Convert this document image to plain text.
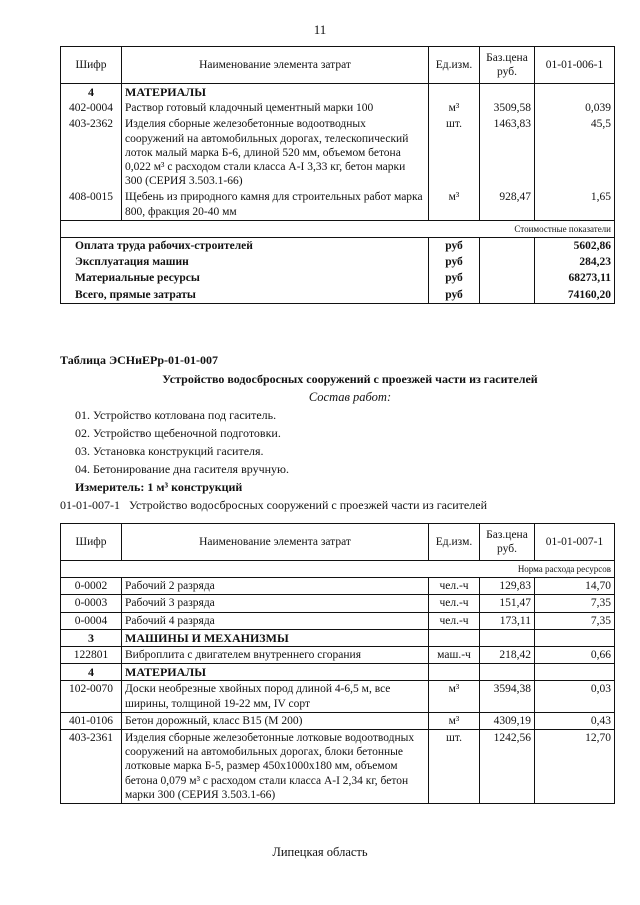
11
Шифр	Наименование элемента затрат	Ед.изм.	Баз.цена руб.	01-01-006-1
4	МАТЕРИАЛЫ			
402-0004	Раствор готовый кладочный цементный марки 100	м³	3509,58	0,039
403-2362	Изделия сборные железобетонные водоотводных сооружений на автомобильных дорогах, телескопический лоток малый марка Б-6, длиной 520 мм, объемом бетона 0,022 м³ с расходом стали класса А-I 3,33 кг, бетон марки 300 (СЕРИЯ 3.503.1-66)	шт.	1463,83	45,5
408-0015	Щебень из природного камня для строительных работ марка 800, фракция 20-40 мм	м³	928,47	1,65
			Стоимостные показатели	
Оплата труда рабочих-строителей		руб		5602,86
Эксплуатация машин		руб		284,23
Материальные ресурсы		руб		68273,11
Всего, прямые затраты		руб		74160,20
Таблица ЭСНиЕРр-01-01-007
Устройство водосбросных сооружений с проезжей части из гасителей
Состав работ:
01. Устройство котлована под гаситель.
02. Устройство щебеночной подготовки.
03. Установка конструкций гасителя.
04. Бетонирование дна гасителя вручную.
Измеритель: 1 м³ конструкций
01-01-007-1   Устройство водосбросных сооружений с проезжей части из гасителей
Шифр	Наименование элемента затрат	Ед.изм.	Баз.цена руб.	01-01-007-1
			Норма расхода ресурсов	
0-0002	Рабочий 2 разряда	чел.-ч	129,83	14,70
0-0003	Рабочий 3 разряда	чел.-ч	151,47	7,35
0-0004	Рабочий 4 разряда	чел.-ч	173,11	7,35
3	МАШИНЫ И МЕХАНИЗМЫ			
122801	Виброплита с двигателем внутреннего сгорания	маш.-ч	218,42	0,66
4	МАТЕРИАЛЫ			
102-0070	Доски необрезные хвойных пород длиной 4-6,5 м, все ширины, толщиной 19-22 мм, IV сорт	м³	3594,38	0,03
401-0106	Бетон дорожный, класс B15 (M 200)	м³	4309,19	0,43
403-2361	Изделия сборные железобетонные лотковые водоотводных сооружений на автомобильных дорогах, блоки бетонные лотковые марка Б-5, размер 450x1000x180 мм, объемом бетона 0,079 м³ с расходом стали класса А-I 2,34 кг, бетон марки 300 (СЕРИЯ 3.503.1-66)	шт.	1242,56	12,70
Липецкая область
